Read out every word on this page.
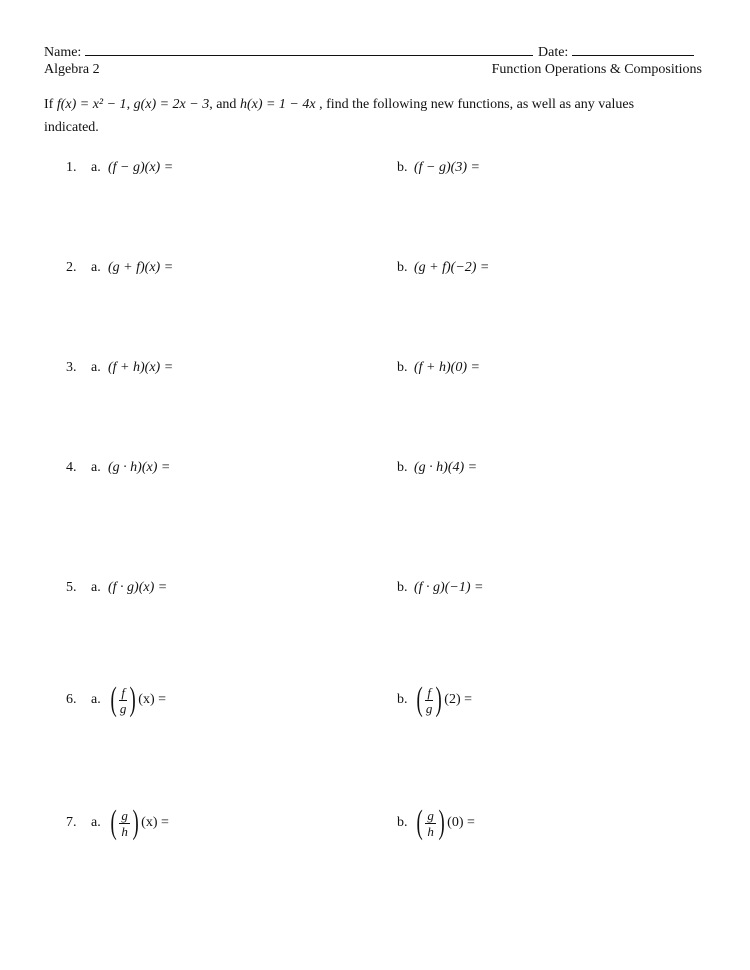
Name:	Date:
Algebra 2	Function Operations & Compositions
If f(x) = x² − 1, g(x) = 2x − 3, and h(x) = 1 − 4x , find the following new functions, as well as any values
indicated.
1. a. (f − g)(x) =	b. (f − g)(3) =
2. a. (g + f)(x) =	b. (g + f)(−2) =
3. a. (f + h)(x) =	b. (f + h)(0) =
4. a. (g · h)(x) =	b. (g · h)(4) =
5. a. (f · g)(x) =	b. (f · g)(−1) =
6. a. ( $\frac{f}{g}$ ) (x) =	b. ( $\frac{f}{g}$ ) (2) =
7. a. ( $\frac{g}{h}$ ) (x) =	b. ( $\frac{g}{h}$ ) (0) =
